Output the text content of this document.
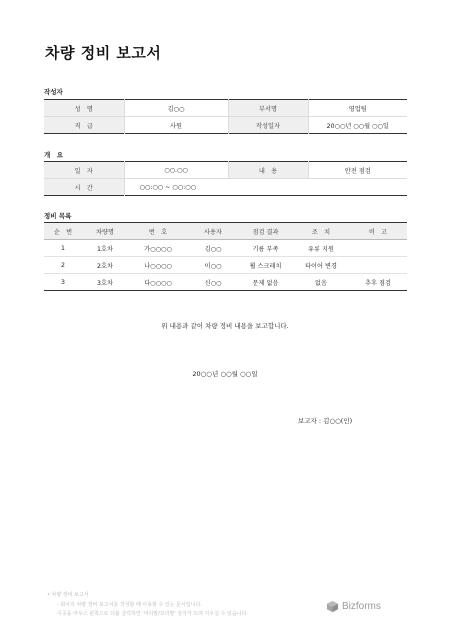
차량 정비 보고서
작성자
성　명	김○○	부서명	영업팀
직　급	사원	작성일자	20○○년 ○○월 ○○일
개　요
일　자	○○.○○	내　용	안전 점검
시　간	○○:○○ ~ ○○:○○		
정비 목록
순　번	차량명	번　호	사용자	점검 결과	조　치	비　고
1	1호차	가○○○○	김○○	기름 부족	유류 지원	
2	2호차	나○○○○	이○○	휠 스크래치	타이어 변경	
3	3호차	다○○○○	신○○	문제 없음	없음	추후 점검
위 내용과 같이 차량 정비 내용을 보고합니다.
20○○년 ○○월 ○○일
보고자 : 김○○(인)
• 차량 정비 보고서
- 회사의 차량 정비 보고서를 작성할 때 사용할 수 있는 문서입니다.
이곳을 마우스 왼쪽으로 더블 클릭하면 '머리말/꼬리말' 상자가 뜨며 지우실 수 있습니다.
Bizforms
